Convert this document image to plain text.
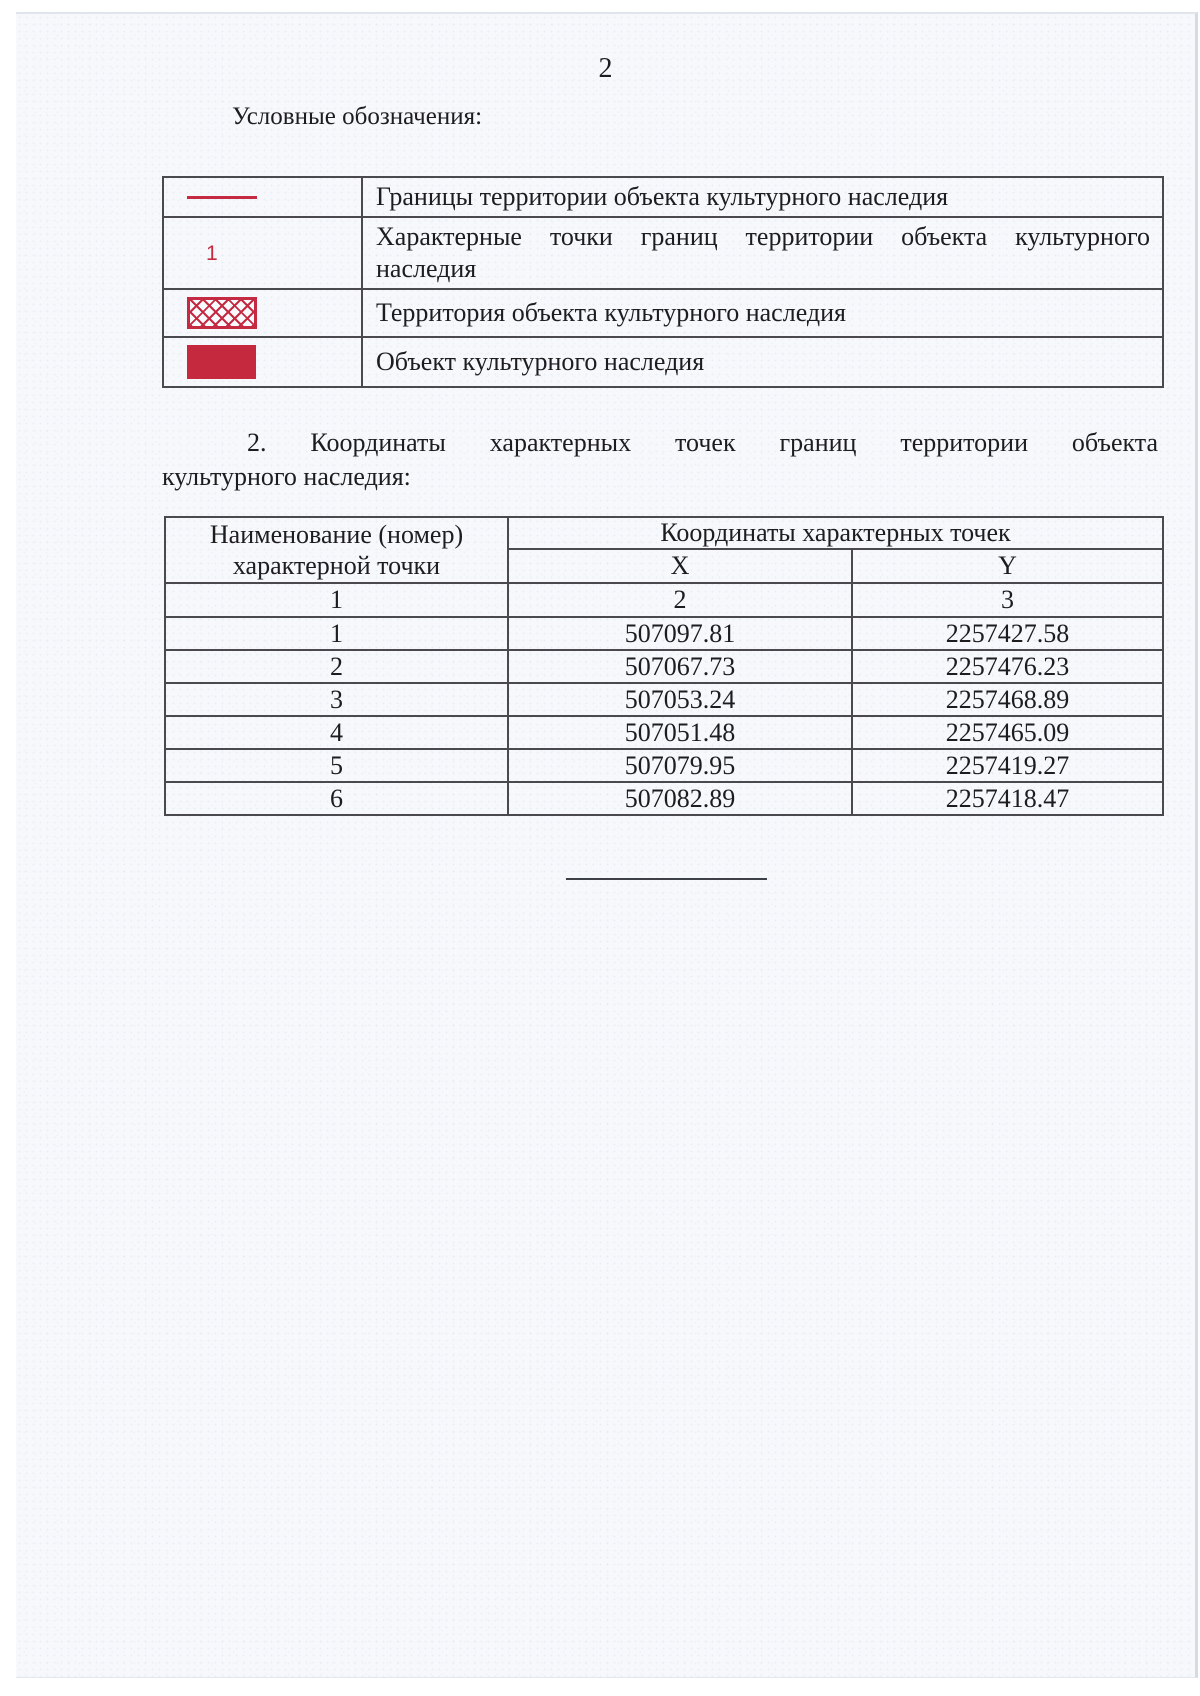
2
Условные обозначения:

	Границы территории объекта культурного наследия

1	Характерные точки границ территории объекта культурного
наследия

	Территория объекта культурного наследия

	Объект культурного наследия
2. Координаты характерных точек границ территории объекта
культурного наследия:
Наименование (номер)
характерной точки	Координаты характерных точек	
	X	Y
1	2	3
1	507097.81	2257427.58
2	507067.73	2257476.23
3	507053.24	2257468.89
4	507051.48	2257465.09
5	507079.95	2257419.27
6	507082.89	2257418.47
